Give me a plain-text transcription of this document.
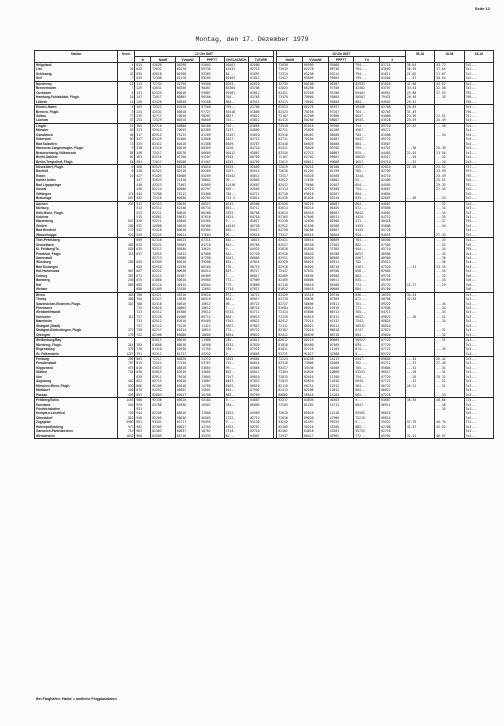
Seite 12
Montag, den 17. Dezember 1979
Station	Kenn.	12 Uhr GMT							18 Uhr GMT					06-18	18-06	18-18
		iii	Nddff	VVwwW	PPPTT	NhCLhCMCH	TdTdRR		Nddff	VVwwW	PPPTT	Td	ii			
Helgoland	4	015	42630	56298	93605	40561	02606		72638	60909	92608	794---	01714	36-64	43-72	7o2---
List	26	020	72632	65278	89736	43432	02713		72635	62278	89736	794---	01669	38-59	37-64	7o2---
Schleswig	42	035	42618	00768	93383	84---	01691		72314	65258	93214	794---	01611	21-65	21-67	7o2---
Kiel	7	045	72308	62178	93205	69403	01812		72417	65809	93603	795---	01504	---37	38-54	7o2---
Norderney	13	113	72734	42758	95508	6253-	02610		32735	60108	94587	82931	01610	41-60	44-62	7o2---
Bremerhaven	7	129	42631	66358	98407	83304	03708		42625	66298	97706	32402	03707	33-53	32-58	7o2---
Cuxhaven	4	131	62325	60818	93807	49401	03812		62421	62558	93706	69401	00561	25-60	27-55	795---
Hamburg-Fuhlsbüttel, Flugh.	16	147	72817	60805	96506	784--	03705		72470	70860	93604	30507	79431	26-46	---35	796---
Lübeck	14	156	82426	60838	95208	884--	03312		82413	70802	95806	884---	04602	26-41		796---
Emden-Hafen	5	203	72522	62018	97308	795--	01706		52523	66278	96707	58408	02708	28-65		7o3---
Bremen, Flugh.	3	224	42531	50618	97727	49418	01806		82523	70258	97207	784---	02705	31-49		796---
Soltau	77	235	42717	70818	98207	6857-	05812		72107	62208	97806	6847-	03806	23-56	21-51	791---
Lüchow	37	253	72529	60518	98609	754--	03812		62415	80280	98007	6945-	03628	23-59	25-49	7o3---
Lingen	21	305	62718	68888	00166	754--	03809		72518	81018	99108	754---	09710	22-42	---36	7o4---
Münster	63	313	92513	70615	02309	3137-	04809		82711	75028	01206	4567-	09711			7o4---
Osnabrück	96	317	82515	75215	01209	31457	04810		82516	80402	00408	784---	01508		---34	7o5---
Gütersloh	50	327	82425	62406	02008	5547-	04712		82711	70250	01007	5647-	09716			7o5---
Bad Salzuflen	73	325	82412	60416	01308	6849-	03707		82416	80026	00408	884---	03607			7o4---
Hannover-Langenhagen, Flugh.	9	338	42516	60516	00309	3426-	04710		82411	70028	99706	794---	04707	---36	25-49	7o3---
Braunschweig-Völkenrode	85	348	72417	80276	00609	56412	03807		82516	62212	00807	855---	04403	22-44	23-56	7o3---
Berlin-Dahlem	81	363	82216	61708	01207	5543-	00709		72107	62702	99607	58632	04317	---28	---33	7o4---
Berlin-Tempelhof, Flugh.	84	384	72017	60208	01407	4552-	04709		72015	68012	99608	4657-	04710	---32	---34	7o3---
Düsseldorf, Flugh.	8	400	82521	80416	05010	5559-	02809		72019	70216	04108	5557-	02810	21-50	25-52	797---
Bocholt	5	418	82522	82618	02509	3257-	05512		72616	61202	01709	785---	02709		23-59	797---
Essen	10	427	91423	65606	04209	43442	05612		72517	94328	03408	3244-	04710		25-49	795---
Kahler Asten		437	92623	21418	30602	99---	02805		92622	11636	34802	92---	02409		25-51	7o5---
Bad Lippspringe		430	42313	73402	02809	51436	02607		82412	75806	02407	854---	04505		29-32	792---
Kassel		438	82214	80586	02707	855--	03505		42114	42510	03308	754---	04607		27-34	7o2---
Göttingen	174	444	72708	75212	03408	785--	04712		82710	65616	03307	884---	04604			7o5---
Braunlage	607	452	72416	60036	02704	723-2	03814		82416	81028	02510	855---	02607	---38	---33	7o2---
Aachen	202	511	82513	56636	06517	4542-	06506		82520	58216	06607	884---	04607		---32	7o3---
Nürburg		513	82512	62248	06734	861--	04712		82614	68215	06405	872---	05606		---34	7o3---
Köln-Bonn, Flugh.		513	82711	60616	06208	3552-	06708		82614	80416	06507	8842-	04901		---34	7o3---
Koblenz		515	62801	56632	07618	4424-	04718		82103	67606	06511	4424-	04713		---35	7o3---
Marienberg	547	526	92211	03848	05305	9----	05017		92218	12036	05506	471---	00418		---27	795---
Gießen	186	532	42806	50616	06306	44542	06728		62912	61636	05308	5455-	05808		---34	7o4---
Bad Hersfeld	272	542	92418	60818	05504	854--	05617		82728	58208	05607	5445-	05728			7o5---
Wasserkuppe	921	549	92225	00614	37603	99---	03616		72517	00616	36504	954---	04616		27-43	795---
Trier-Petrisberg		609	82318	86615	07311	852--	10813		82411	58616	00809	783---	08306		---33	7o4---
Deuselbach	483	615	92221	56585	04710	851--	09705		82517	56558	27403	882---	07303		---32	7o5---
Kl. Feldberg/Ts.	825	635	92311	05636	34624	9----	04925		92818	01836	37305	944---	05716		---34	795---
Frankfurt, Flugh.	113	637	72915	31812	07808	841--	07720		82910	56626	05708	6657-	06908		---35	7o4---
Darmstadt			82713	50586	07708	5547-	06806		82911	86026	06508	6567-	06909		---36	7o4---
Würzburg	259	655	82909	85616	39208	852--	07816		82320	86616	05911	762---	09513		---36	7o4---
Bad Kissingen		659	82910	42536	08105	776--	08719		82910	56026	08710	5567-	07320	---31	23-35	7o3---
Hof-Hohensaas	567	667	82222	00636	06414	857--	09717		72447	57632	09708	858---	07605		---34	7o3---
Coburg	357	671	82211	63487	06409	7----	06817		82409	56636	09508	884---	09735		---32	7o6---
Bamberg	245	675	81806	50616	09905	772--	07909		82409	68606	09611	855---	09709		---35	7o6---
Hof	565	685	82114	40515	08504	773--	03809		82110	50616	04506	774---	05732	22-27	---29	7o6---
Weiden		688	82409	57636	12603	7734-	07817		81812	50616	00006	884---	05706			7o6---
Berus	363	708	82421	45516	09610	871--	10712		82429	45516	09710	856---	10516	34-54		7o3---
Tholey	386	704	82317	15636	08510	854--	09817		82718	50636	07509	872---	08708	32-53		7o3---
Saarbrücken-Ensheim, Flugh.	322	708	82418	50616	10612	89---	09722		82727	58606	07811	761---	09722		---34	7o3---
Pirmasens		715	62816	40605	10612	7----	08716		82604	68014	10518	771---	07806		---34	7o3---
Weinbiet/Haardt		723	82512	64586	39012	6732-	03711		72414	65806	06713	765---	04713		---34	7o3---
Karlsruhe	112	727	82228	61606	09712	884--	09823		72310	83016	07412	6852-	09823	---26	---31	7o3---
Mannheim		733	82512	62616	09409	7542-	09821		82412	75214	07412	7542-	09824		---34	7o3---
Stuttgart (Stadt)		737	82112	75216	11412	3857-	07813		72111	80022	09213	38532	08510			7o3---
Stuttgart-Echterdingen, Flugh.	371	738	82217	61614	10613	772--	09722		82107	75210	08618	6747-	07822		---31	7o3---
Öhringen	276	742	82106	60686	10609	8854-	09821		82411	80830	08710	884---	09620		---32	7o3---
Weißenburg/Bay.			82613	60616	11986	785--	05815		82812	60216	09809	58922	07723		---31	7o3---
Nürnberg, Flugh.	314	763	81808	60616	10508	6532-	07820		81810	80400	07509	854---	07720			7o3---
Regensburg	376	776	81410	52636	11705	784--	07923		81811	52218	11103	874---	07722		---35	7o3---
Gr. Falkenstein	1307	791	92312	81717	43252	9----	05803		92711	91617	42508	9----	09722			7o3---
Freiburg	269	803	72217	84826	14712	7843-	09804		72223	84258	14113	6547-	09804	---35	26-42	7o3---
Freudenstadt	797	815	72511	77216	53767	751--	06816		82516	73806	42608	762---	05711	---31	27-40	7o3---
Klippeneck	973	818	82615	28810	53664	99---	05806		92417	35436	44506	765---	05804	---31	---31	7o3---
Stötten	734	836	82815	62616	13005	852--	05811		72304	84026	10008	52541	06617	---28	---31	7o3---
Ulm		839	82911	75616	13605	7547-	09810		72815	82616	11708	754---	07720	---26	25-31	7o3---
Augsburg	462	852	62715	65616	13807	6847-	07813		72815	85616	11818	6945-	07722	---31	---31	7o3---
München-Riem, Flugh.	530	866	82109	65616	14705	6562-	06810		82110	66214	12512	384---	06722	26-31	---31	7o3---
Mühldorf	406	875	81202	58632	15601	854--	07902		82413	82208	13812	884---	06822			7o3---
Passau	409	893	82803	60617	16708	885--	05709		80802	58616	14105	885---	07225		---33	7o3---
Feldberg/Schw.	1493	908	92336	00616	45104	9----	04807		92237	04036	46303	9----	03607	36-55	48-66	715---
Konstanz	443	929	62708	62836	16507	784--	06809		72205	81202	14712	6847-	06911		---36	7o3---
Friedrichshafen		931													---35	7o3---
Kempten-Lenzfried	705	944	82205	68616	17806	5552-	04509		72616	89016	14110	65562	06615			7o5---
Oberstdorf	810	946	82205	58636	46503	1722-	02713		72016	89020	47906	75215	06814			7o5---
Zugspitze	2960	961	93341	01717	99455	9----	55120		93242	01497	99255	9----	55522	57-79	46-76	712---
Hohenpeißenberg	977	962	82309	60617	44703	4552-	03707		82109	50216	45206	885---	02708	31-47	42-52	7o3---
Garmisch-Partenkirchen	719	963	82403	60637	18702	3744-	02710		82401	64818	16203	35732	02718			7o5---
Wendelstein	1832	980	82509	85716	45333	82---	04807		72537	80417	45902	772---	05702	32-51	46-57	7o3---
Bei Flughäfen: Halbe = amtliche Flugplatzdaten
